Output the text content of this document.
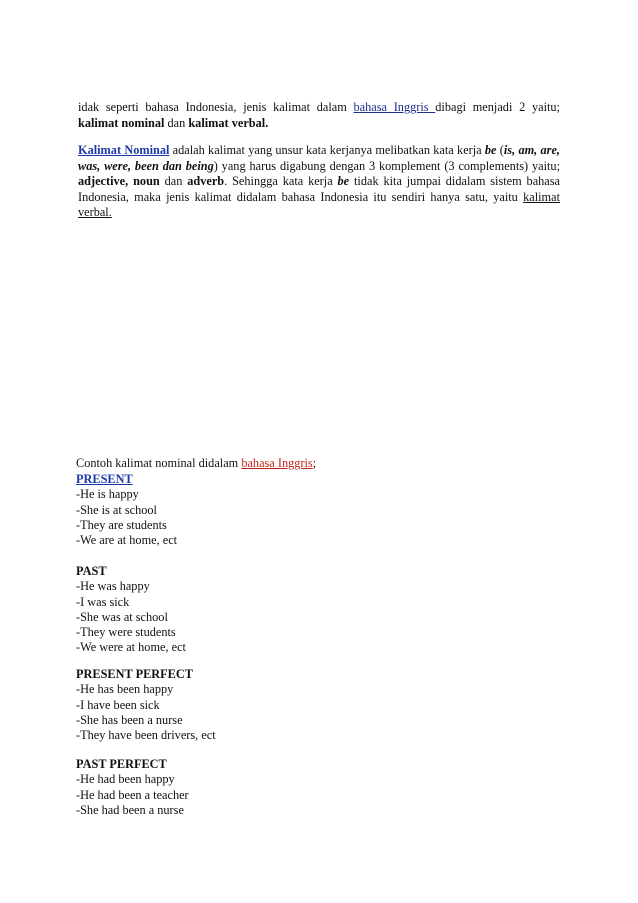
idak seperti bahasa Indonesia, jenis kalimat dalam bahasa Inggris dibagi menjadi 2 yaitu;
kalimat nominal dan kalimat verbal.
Kalimat Nominal adalah kalimat yang unsur kata kerjanya melibatkan kata kerja be (is, am, are, was, were, been dan being) yang harus digabung dengan 3 komplement (3 complements) yaitu; adjective, noun dan adverb. Sehingga kata kerja be tidak kita jumpai didalam sistem bahasa Indonesia, maka jenis kalimat didalam bahasa Indonesia itu sendiri hanya satu, yaitu kalimat verbal.
Contoh kalimat nominal didalam bahasa Inggris;
PRESENT
-He is happy
-She is at school
-They are students
-We are at home, ect
PAST
-He was happy
-I was sick
-She was at school
-They were students
-We were at home, ect
PRESENT PERFECT
-He has been happy
-I have been sick
-She has been a nurse
-They have been drivers, ect
PAST PERFECT
-He had been happy
-He had been a teacher
-She had been a nurse
